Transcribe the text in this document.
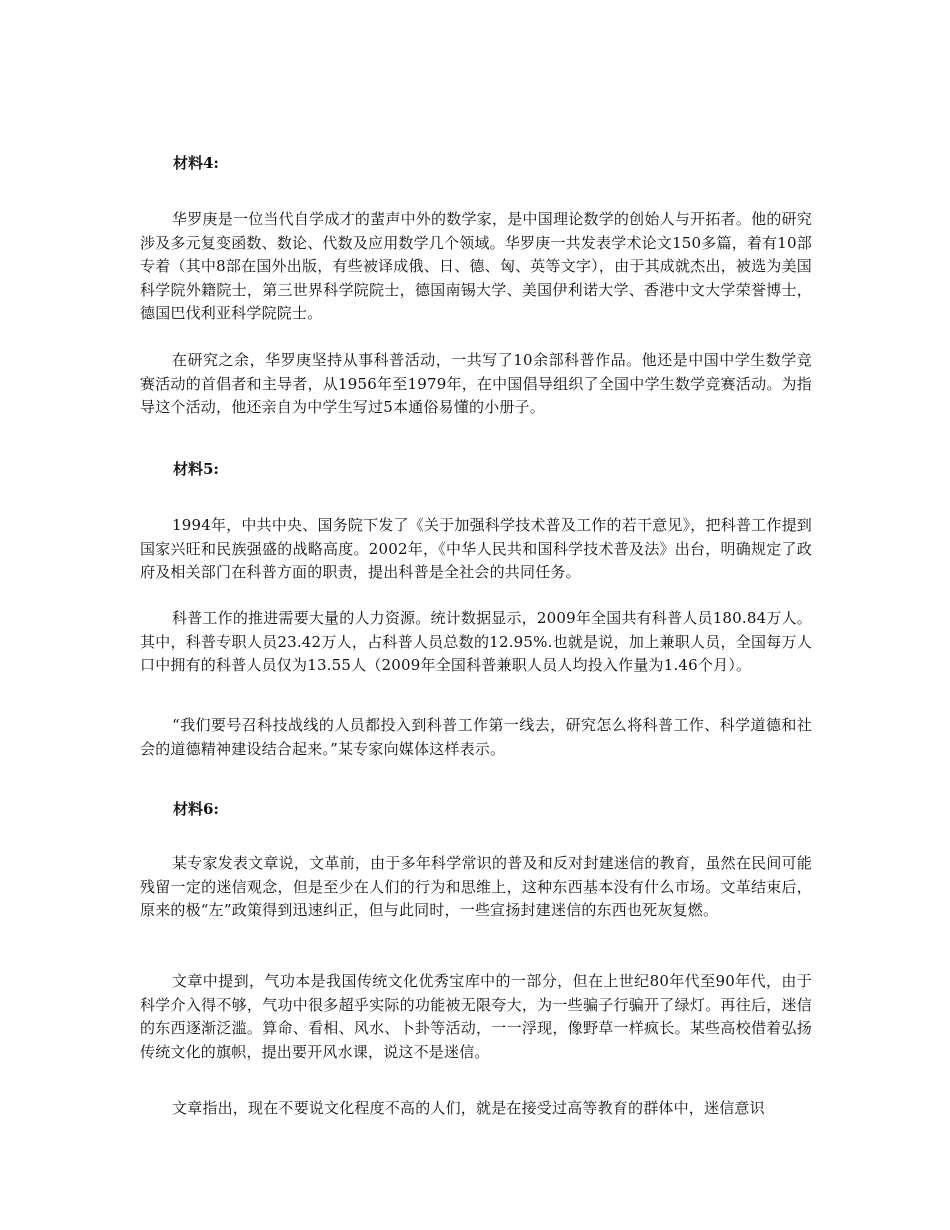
材料4:

华罗庚是一位当代自学成才的蜚声中外的数学家，是中国理论数学的创始人与开拓者。他的研究涉及多元复变函数、数论、代数及应用数学几个领域。华罗庚一共发表学术论文150多篇，着有10部专着（其中8部在国外出版，有些被译成俄、日、德、匈、英等文字），由于其成就杰出，被选为美国科学院外籍院士，第三世界科学院院士，德国南锡大学、美国伊利诺大学、香港中文大学荣誉博士，德国巴伐利亚科学院院士。

在研究之余，华罗庚坚持从事科普活动，一共写了10余部科普作品。他还是中国中学生数学竞赛活动的首倡者和主导者，从1956年至1979年，在中国倡导组织了全国中学生数学竞赛活动。为指导这个活动，他还亲自为中学生写过5本通俗易懂的小册子。

材料5:

1994年，中共中央、国务院下发了《关于加强科学技术普及工作的若干意见》，把科普工作提到国家兴旺和民族强盛的战略高度。2002年，《中华人民共和国科学技术普及法》出台，明确规定了政府及相关部门在科普方面的职责，提出科普是全社会的共同任务。

科普工作的推进需要大量的人力资源。统计数据显示，2009年全国共有科普人员180.84万人。其中，科普专职人员23.42万人，占科普人员总数的12.95%.也就是说，加上兼职人员，全国每万人口中拥有的科普人员仅为13.55人（2009年全国科普兼职人员人均投入作量为1.46个月）。

“我们要号召科技战线的人员都投入到科普工作第一线去，研究怎么将科普工作、科学道德和社会的道德精神建设结合起来。”某专家向媒体这样表示。

材料6:

某专家发表文章说，文革前，由于多年科学常识的普及和反对封建迷信的教育，虽然在民间可能残留一定的迷信观念，但是至少在人们的行为和思维上，这种东西基本没有什么市场。文革结束后，原来的极“左”政策得到迅速纠正，但与此同时，一些宣扬封建迷信的东西也死灰复燃。

文章中提到，气功本是我国传统文化优秀宝库中的一部分，但在上世纪80年代至90年代，由于科学介入得不够，气功中很多超乎实际的功能被无限夸大，为一些骗子行骗开了绿灯。再往后，迷信的东西逐渐泛滥。算命、看相、风水、卜卦等活动，一一浮现，像野草一样疯长。某些高校借着弘扬传统文化的旗帜，提出要开风水课，说这不是迷信。

文章指出，现在不要说文化程度不高的人们，就是在接受过高等教育的群体中，迷信意识
